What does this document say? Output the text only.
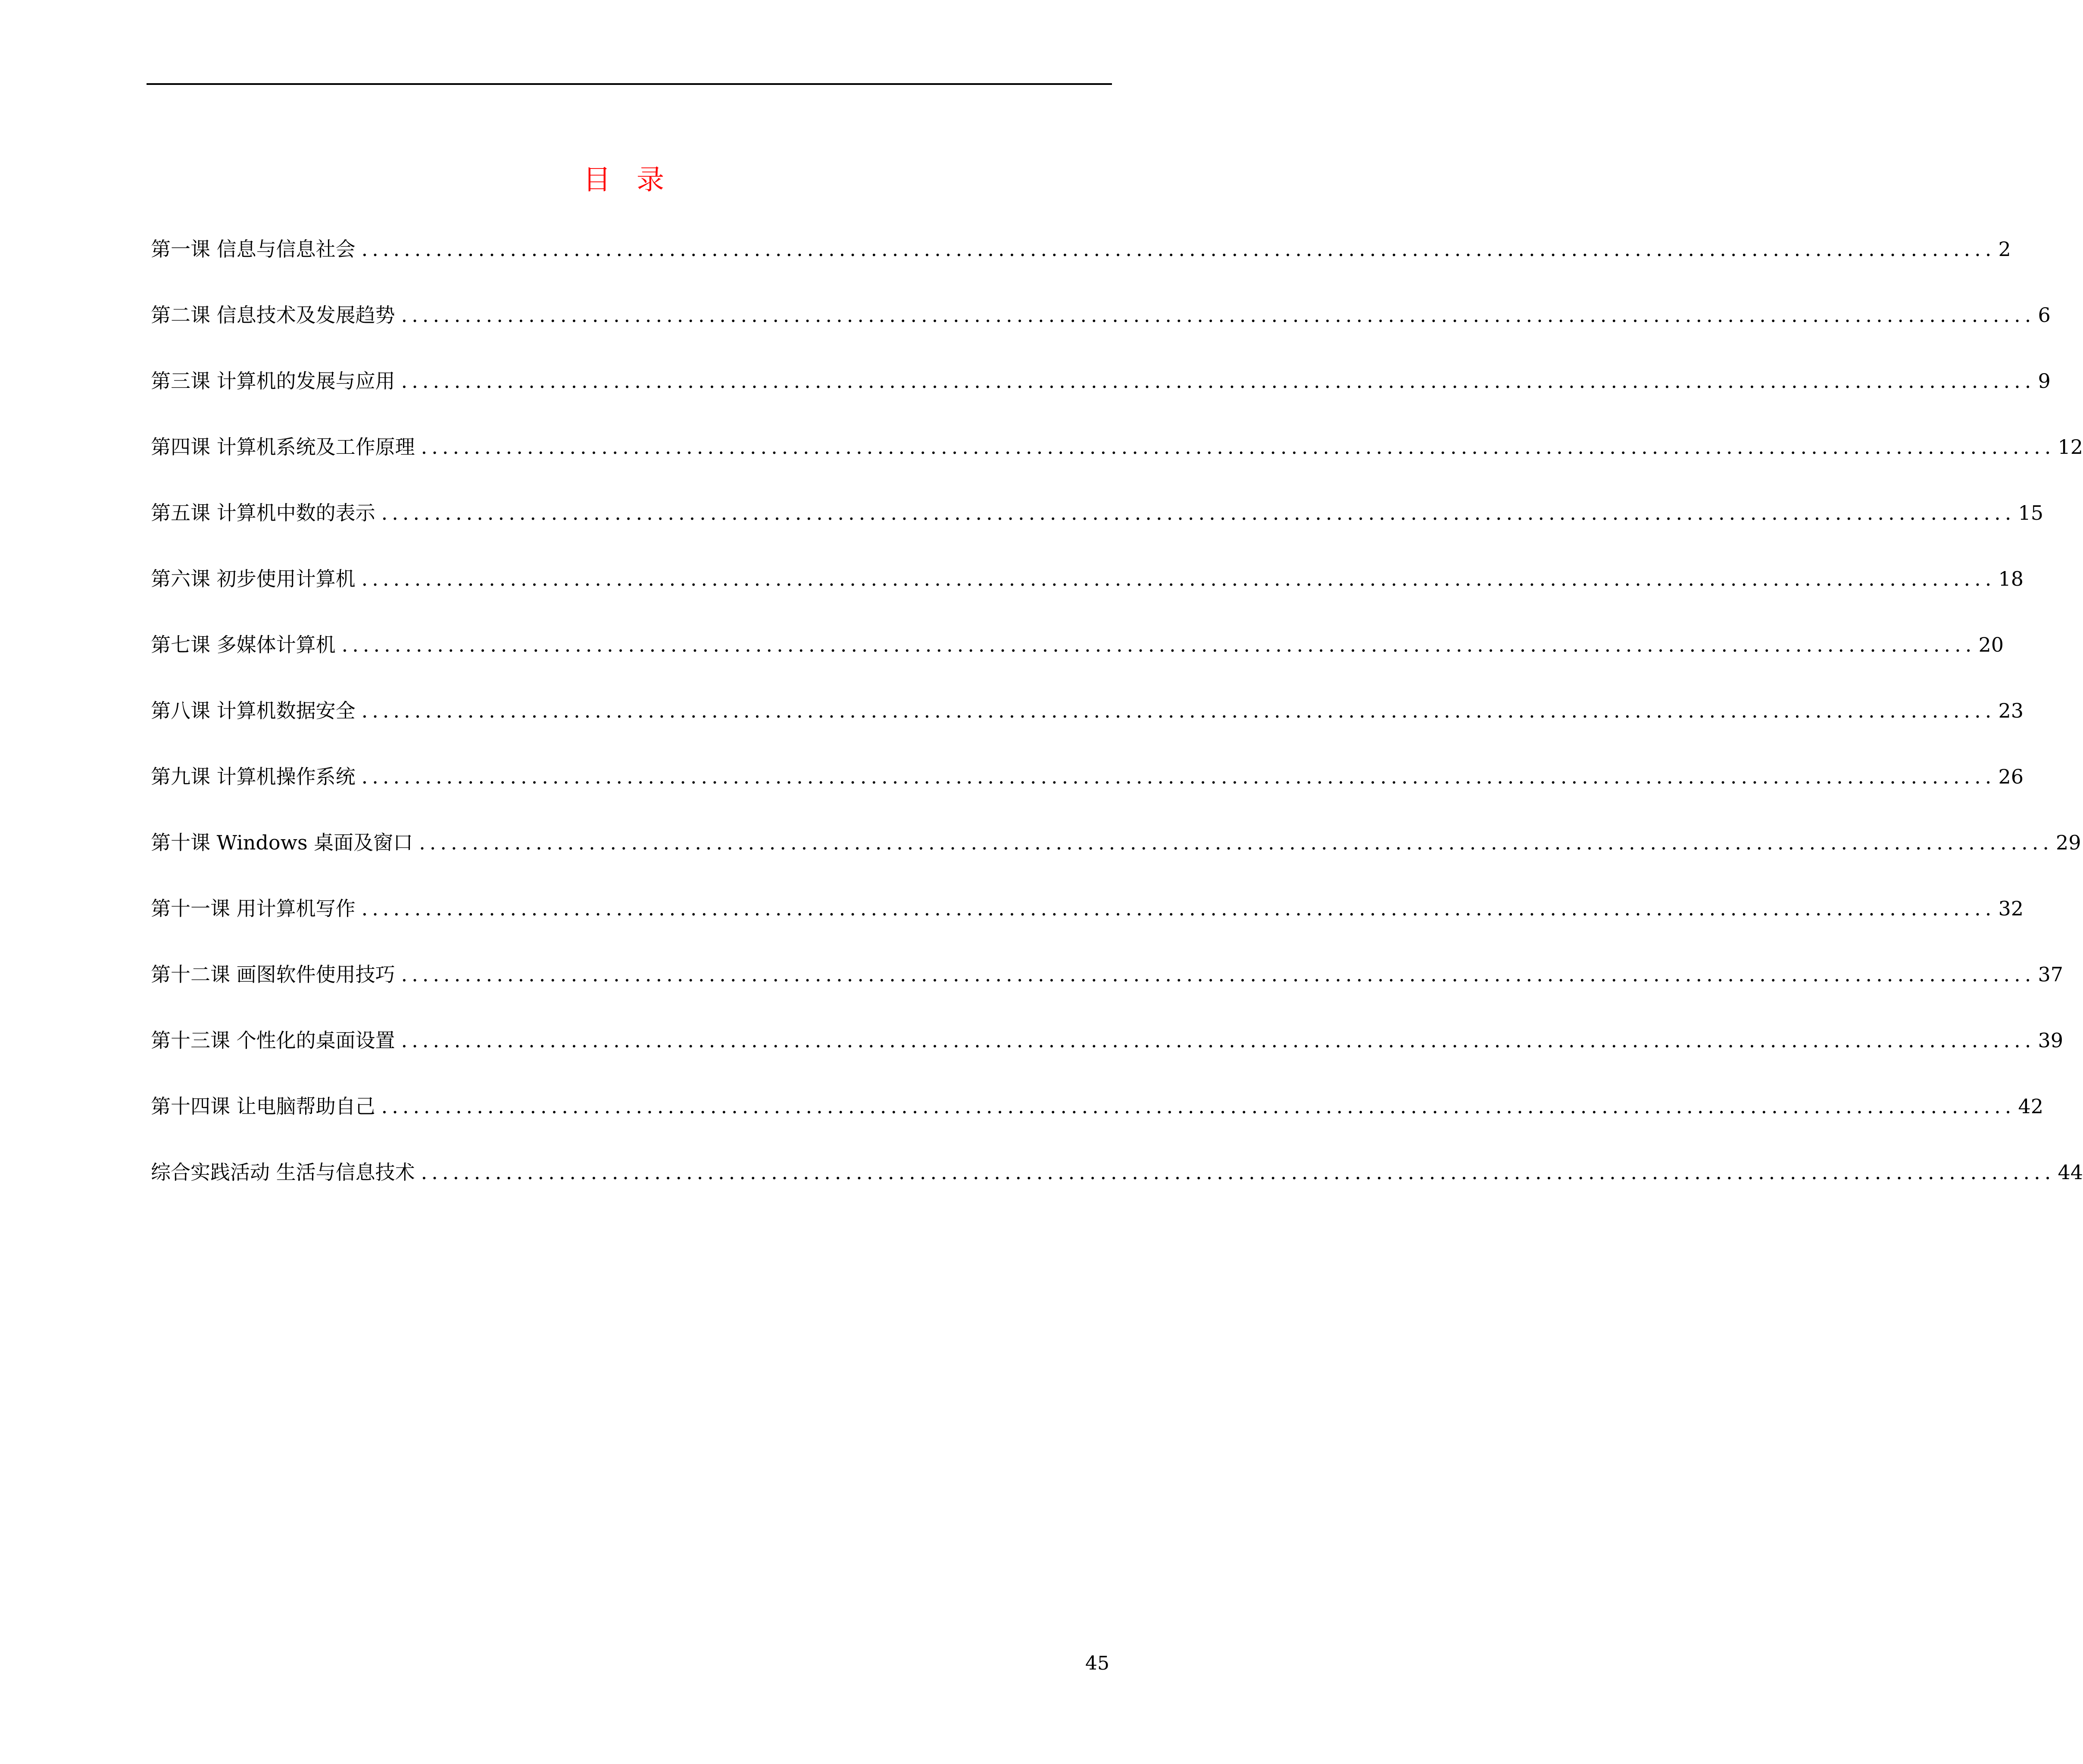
目录
第一课 信息与信息社会 .......................................................................................................................................................... 2
第二课 信息技术及发展趋势 .......................................................................................................................................................... 6
第三课 计算机的发展与应用 .......................................................................................................................................................... 9
第四课 计算机系统及工作原理 .......................................................................................................................................................... 12
第五课 计算机中数的表示 .......................................................................................................................................................... 15
第六课 初步使用计算机 .......................................................................................................................................................... 18
第七课 多媒体计算机 .......................................................................................................................................................... 20
第八课 计算机数据安全 .......................................................................................................................................................... 23
第九课 计算机操作系统 .......................................................................................................................................................... 26
第十课 Windows 桌面及窗口 .......................................................................................................................................................... 29
第十一课 用计算机写作 .......................................................................................................................................................... 32
第十二课 画图软件使用技巧 .......................................................................................................................................................... 37
第十三课 个性化的桌面设置 .......................................................................................................................................................... 39
第十四课 让电脑帮助自己 .......................................................................................................................................................... 42
综合实践活动 生活与信息技术 .......................................................................................................................................................... 44
45
